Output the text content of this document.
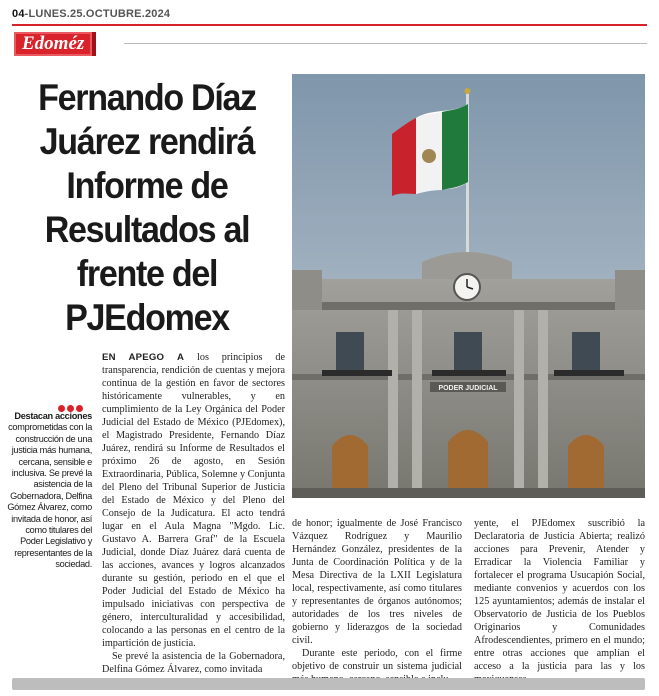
04-LUNES.25.OCTUBRE.2024
Edoméz
Fernando Díaz Juárez rendirá Informe de Resultados al frente del PJEdomex
PODER JUDICIAL
Destacan acciones comprometidas con la construcción de una justicia más humana, cercana, sensible e inclusiva. Se prevé la asistencia de la Gobernadora, Delfina Gómez Álvarez, como invitada de honor, así como titulares del Poder Legislativo y representantes de la sociedad.

EN APEGO A los principios de transparencia, rendición de cuentas y mejora continua de la gestión en favor de sectores históricamente vulnerables, y en cumplimiento de la Ley Orgánica del Poder Judicial del Estado de México (PJEdomex), el Magistrado Presidente, Fernando Díaz Juárez, rendirá su Informe de Resultados el próximo 26 de agosto, en Sesión Extraordinaria, Pública, Solemne y Conjunta del Pleno del Tribunal Superior de Justicia del Estado de México y del Pleno del Consejo de la Judicatura. El acto tendrá lugar en el Aula Magna "Mgdo. Lic. Gustavo A. Barrera Graf" de la Escuela Judicial, donde Díaz Juárez dará cuenta de las acciones, avances y logros alcanzados durante su gestión, periodo en el que el Poder Judicial del Estado de México ha impulsado iniciativas con perspectiva de género, interculturalidad y accesibilidad, colocando a las personas en el centro de la impartición de justicia.

Se prevé la asistencia de la Gobernadora, Delfina Gómez Álvarez, como invitada

de honor; igualmente de José Francisco Vázquez Rodríguez y Maurilio Hernández González, presidentes de la Junta de Coordinación Política y de la Mesa Directiva de la LXII Legislatura local, respectivamente, así como titulares y representantes de órganos autónomos; autoridades de los tres niveles de gobierno y liderazgos de la sociedad civil.

Durante este periodo, con el firme objetivo de construir un sistema judicial

yente, el PJEdomex suscribió la Declaratoria de Justicia Abierta; realizó acciones para Prevenir, Atender y Erradicar la Violencia Familiar y fortalecer el programa Usucapión Social, mediante convenios y acuerdos con los 125 ayuntamientos; además de instalar el Observatorio de Justicia de los Pueblos Originarios y Comunidades Afrodescendientes, primero en el mundo; entre otras acciones que amplían el acceso a la justicia para las y los
